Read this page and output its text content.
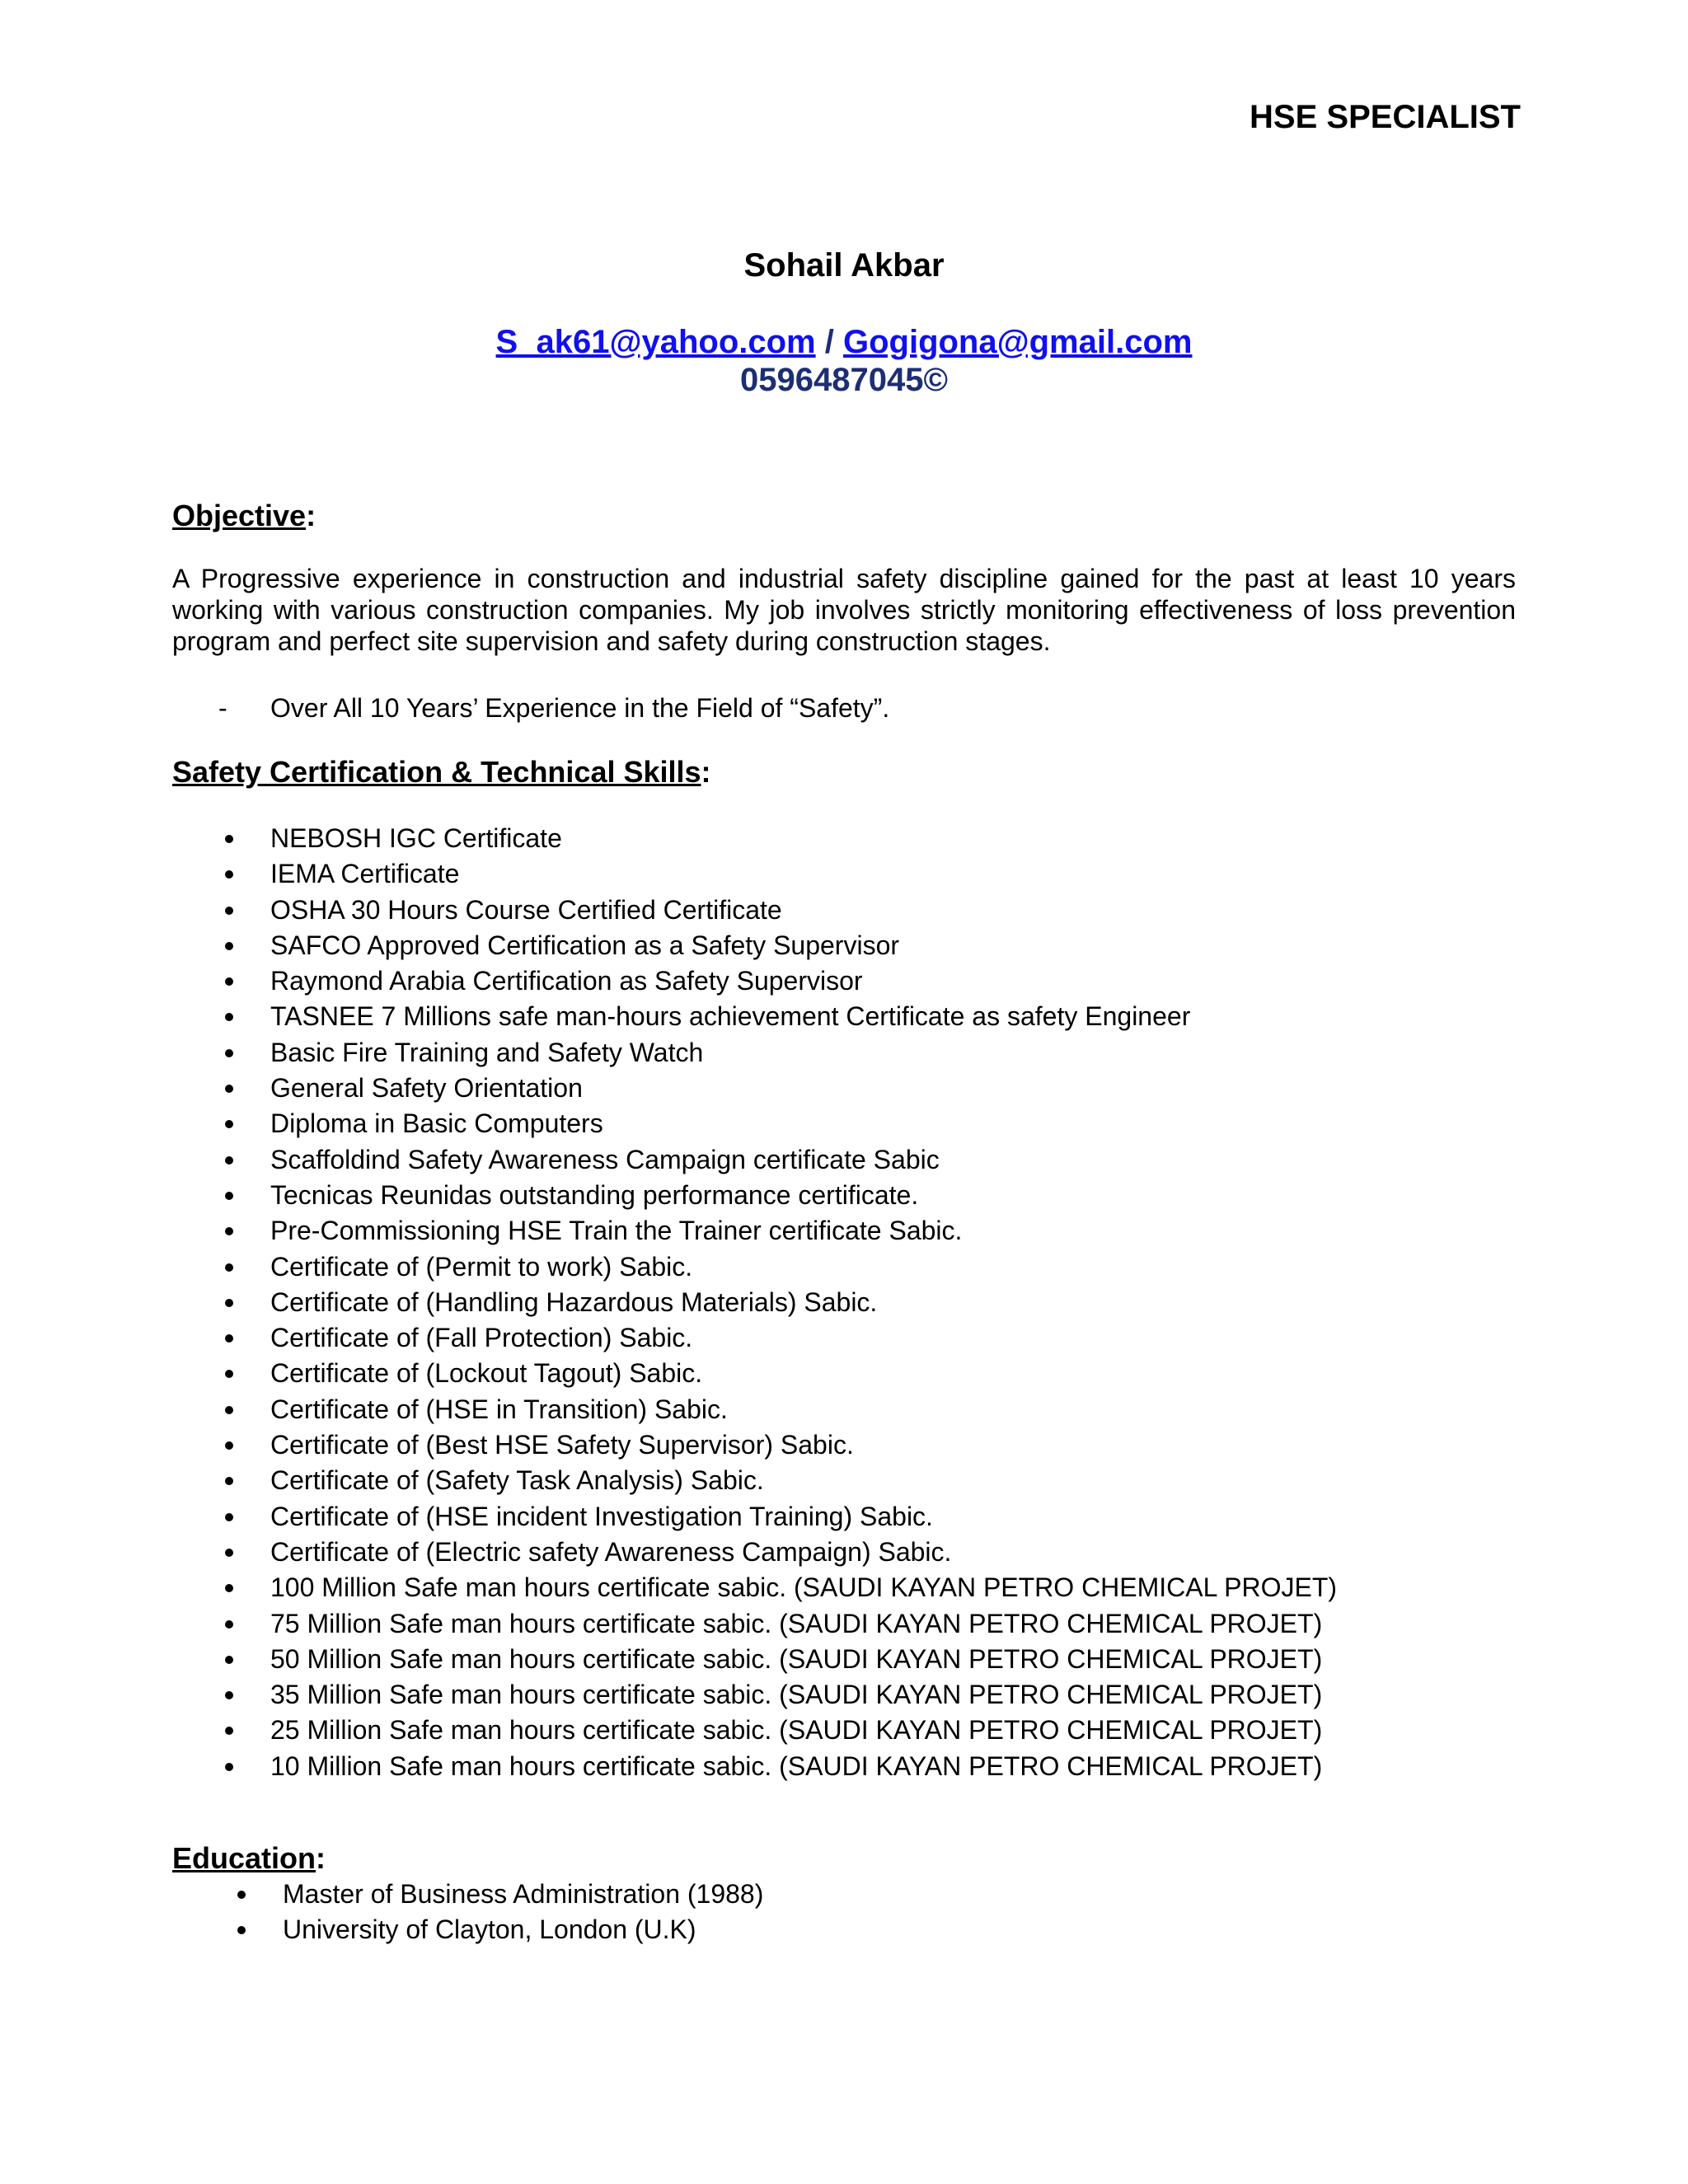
HSE SPECIALIST
Sohail Akbar
S_ak61@yahoo.com / Gogigona@gmail.com
0596487045©
Objective:
A Progressive experience in construction and industrial safety discipline gained for the past at least 10 years working with various construction companies. My job involves strictly monitoring effectiveness of loss prevention program and perfect site supervision and safety during construction stages.
- Over All 10 Years’ Experience in the Field of “Safety”.
Safety Certification & Technical Skills:
NEBOSH IGC Certificate
IEMA Certificate
OSHA 30 Hours Course Certified Certificate
SAFCO Approved Certification as a Safety Supervisor
Raymond Arabia Certification as Safety Supervisor
TASNEE 7 Millions safe man-hours achievement Certificate as safety Engineer
Basic Fire Training and Safety Watch
General Safety Orientation
Diploma in Basic Computers
Scaffoldind Safety Awareness Campaign certificate Sabic
Tecnicas Reunidas outstanding performance certificate.
Pre-Commissioning HSE Train the Trainer certificate Sabic.
Certificate of (Permit to work) Sabic.
Certificate of (Handling Hazardous Materials) Sabic.
Certificate of (Fall Protection) Sabic.
Certificate of (Lockout Tagout) Sabic.
Certificate of (HSE in Transition) Sabic.
Certificate of (Best HSE Safety Supervisor) Sabic.
Certificate of (Safety Task Analysis) Sabic.
Certificate of (HSE incident Investigation Training) Sabic.
Certificate of (Electric safety Awareness Campaign) Sabic.
100 Million Safe man hours certificate sabic. (SAUDI KAYAN PETRO CHEMICAL PROJET)
75 Million Safe man hours certificate sabic. (SAUDI KAYAN PETRO CHEMICAL PROJET)
50 Million Safe man hours certificate sabic. (SAUDI KAYAN PETRO CHEMICAL PROJET)
35 Million Safe man hours certificate sabic. (SAUDI KAYAN PETRO CHEMICAL PROJET)
25 Million Safe man hours certificate sabic. (SAUDI KAYAN PETRO CHEMICAL PROJET)
10 Million Safe man hours certificate sabic. (SAUDI KAYAN PETRO CHEMICAL PROJET)
Education:
Master of Business Administration (1988)
University of Clayton, London (U.K)
